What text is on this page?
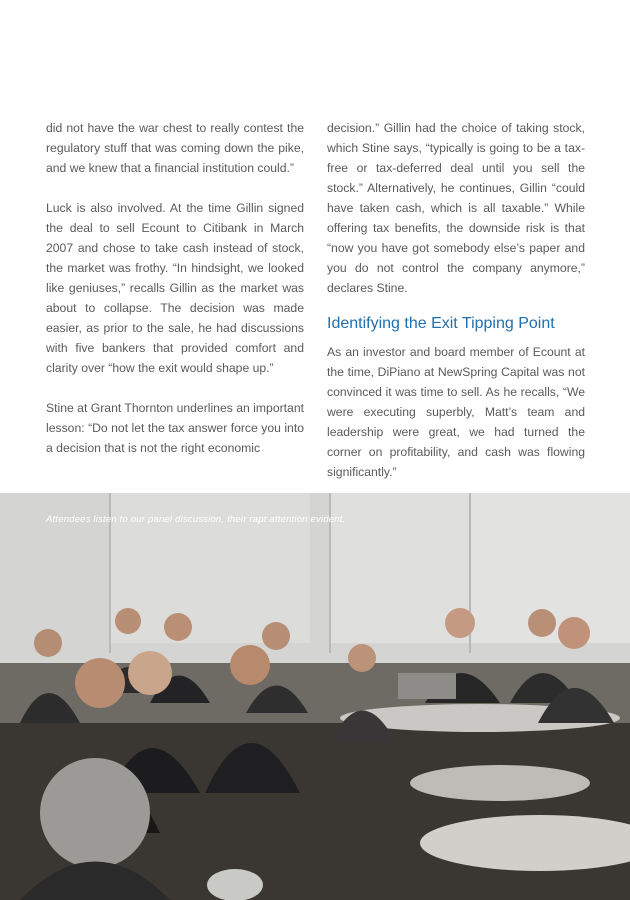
did not have the war chest to really contest the regulatory stuff that was coming down the pike, and we knew that a financial institution could.”

Luck is also involved. At the time Gillin signed the deal to sell Ecount to Citibank in March 2007 and chose to take cash instead of stock, the market was frothy. “In hindsight, we looked like geniuses,” recalls Gillin as the market was about to collapse. The decision was made easier, as prior to the sale, he had discussions with five bankers that provided comfort and clarity over “how the exit would shape up.”

Stine at Grant Thornton underlines an important lesson: “Do not let the tax answer force you into a decision that is not the right economic

decision.” Gillin had the choice of taking stock, which Stine says, “typically is going to be a tax-free or tax-deferred deal until you sell the stock.” Alternatively, he continues, Gillin “could have taken cash, which is all taxable.” While offering tax benefits, the downside risk is that “now you have got somebody else’s paper and you do not control the company anymore,” declares Stine.

Identifying the Exit Tipping Point

As an investor and board member of Ecount at the time, DiPiano at NewSpring Capital was not convinced it was time to sell. As he recalls, “We were executing superbly, Matt’s team and leadership were great, we had turned the corner on profitability, and cash was flowing significantly.”

Attendees listen to our panel discussion, their rapt attention evident.
